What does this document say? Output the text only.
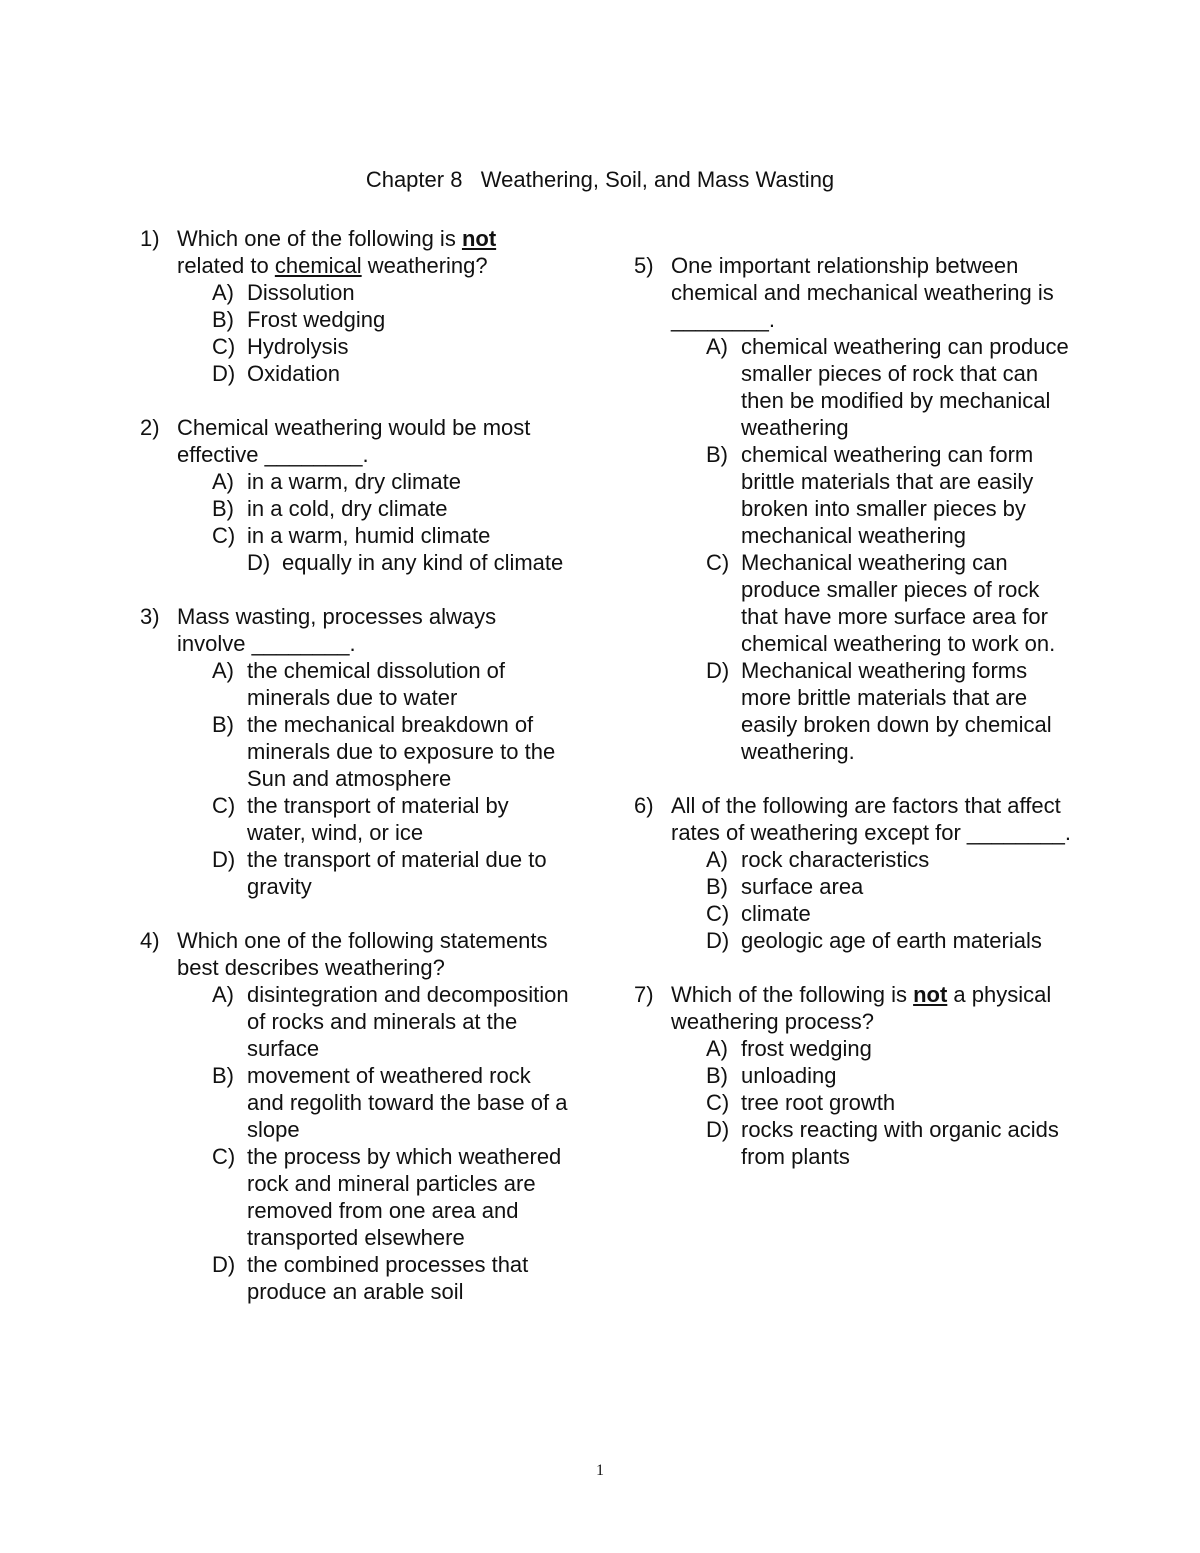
Chapter 8   Weathering, Soil, and Mass Wasting
1) Which one of the following is not
related to chemical weathering?
A) Dissolution
B) Frost wedging
C) Hydrolysis
D) Oxidation
2) Chemical weathering would be most effective ________.
A) in a warm, dry climate
B) in a cold, dry climate
C) in a warm, humid climate
D) equally in any kind of climate
3) Mass wasting, processes always involve ________.
A) the chemical dissolution of minerals due to water
B) the mechanical breakdown of minerals due to exposure to the Sun and atmosphere
C) the transport of material by water, wind, or ice
D) the transport of material due to gravity
4) Which one of the following statements best describes weathering?
A) disintegration and decomposition of rocks and minerals at the surface
B) movement of weathered rock and regolith toward the base of a slope
C) the process by which weathered rock and mineral particles are removed from one area and transported elsewhere
D) the combined processes that produce an arable soil
5) One important relationship between chemical and mechanical weathering is ________.
A) chemical weathering can produce smaller pieces of rock that can then be modified by mechanical weathering
B) chemical weathering can form brittle materials that are easily broken into smaller pieces by mechanical weathering
C) Mechanical weathering can produce smaller pieces of rock that have more surface area for chemical weathering to work on.
D) Mechanical weathering forms more brittle materials that are easily broken down by chemical weathering.
6) All of the following are factors that affect rates of weathering except for ________.
A) rock characteristics
B) surface area
C) climate
D) geologic age of earth materials
7) Which of the following is not a physical weathering process?
A) frost wedging
B) unloading
C) tree root growth
D) rocks reacting with organic acids from plants
1
